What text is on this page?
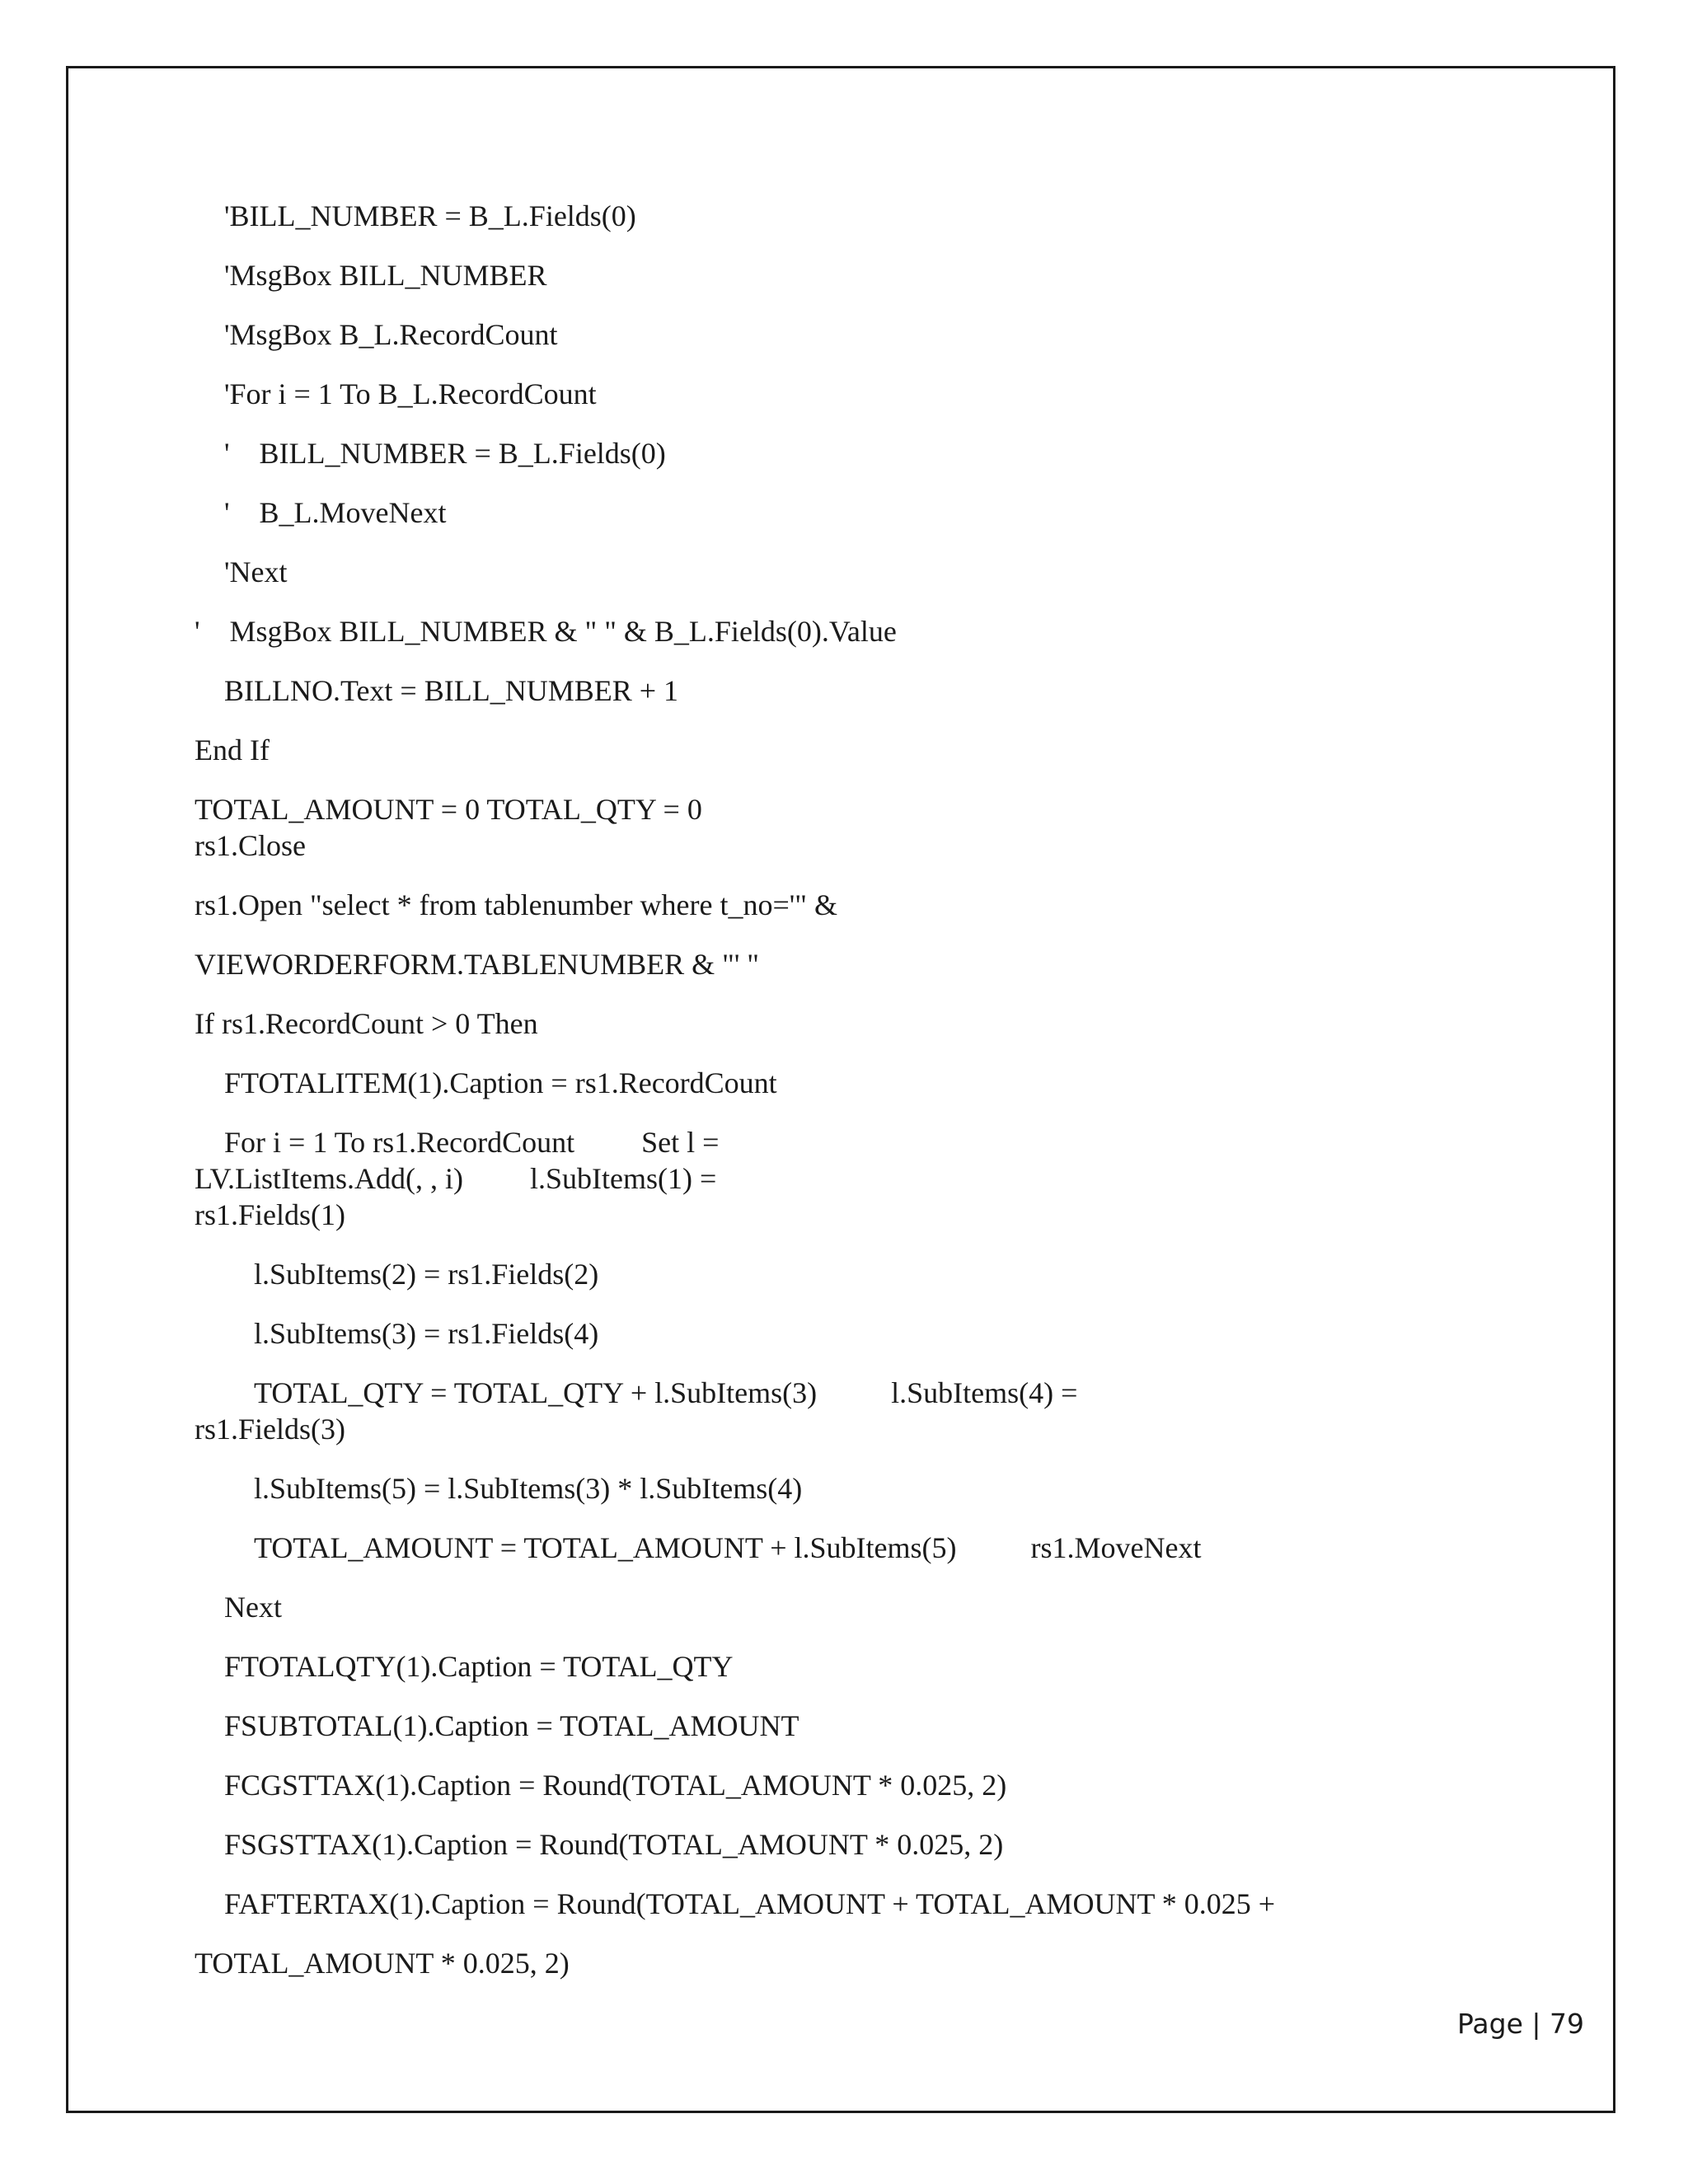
'BILL_NUMBER = B_L.Fields(0)

'MsgBox BILL_NUMBER

'MsgBox B_L.RecordCount

'For i = 1 To B_L.RecordCount

'    BILL_NUMBER = B_L.Fields(0)

'    B_L.MoveNext

'Next

'    MsgBox BILL_NUMBER & " " & B_L.Fields(0).Value

BILLNO.Text = BILL_NUMBER + 1

End If

TOTAL_AMOUNT = 0 TOTAL_QTY = 0

rs1.Close

rs1.Open "select * from tablenumber where t_no='" &

VIEWORDERFORM.TABLENUMBER & "' "

If rs1.RecordCount > 0 Then

FTOTALITEM(1).Caption = rs1.RecordCount

For i = 1 To rs1.RecordCount         Set l =

LV.ListItems.Add(, , i)         l.SubItems(1) =

rs1.Fields(1)

l.SubItems(2) = rs1.Fields(2)

l.SubItems(3) = rs1.Fields(4)

TOTAL_QTY = TOTAL_QTY + l.SubItems(3)          l.SubItems(4) =

rs1.Fields(3)

l.SubItems(5) = l.SubItems(3) * l.SubItems(4)

TOTAL_AMOUNT = TOTAL_AMOUNT + l.SubItems(5)          rs1.MoveNext

Next

FTOTALQTY(1).Caption = TOTAL_QTY

FSUBTOTAL(1).Caption = TOTAL_AMOUNT

FCGSTTAX(1).Caption = Round(TOTAL_AMOUNT * 0.025, 2)

FSGSTTAX(1).Caption = Round(TOTAL_AMOUNT * 0.025, 2)

FAFTERTAX(1).Caption = Round(TOTAL_AMOUNT + TOTAL_AMOUNT * 0.025 +

TOTAL_AMOUNT * 0.025, 2)

Page | 79
